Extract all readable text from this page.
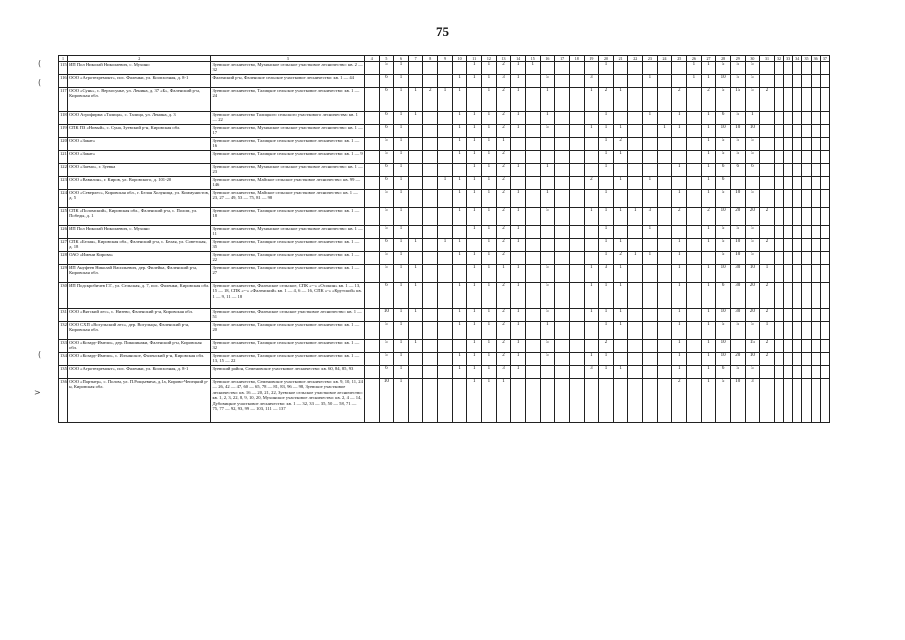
75
(
(
(
>
1	2	3	4	5	6	7	8	9	10	11	12	13	14	15	16	17	18	19	20	21	22	23	24	25	26	27	28	29	30	31	32	33	34	35	36	37
115	ИП Пол Николай Николаевич, с. Мухино	Зуевское лесничество, Мухинское сельское участковое лесничество: кв. 2 — 32		5	1					1	1	2	1	1					1						1	1	5	5	5							
116	ООО «Агротехремонт», пос. Фаленки, ул. Коопхозная, д. 8-1	Фаленский р-н, Фаленское сельское участковое лесничество: кв. 1 — 44		6	1				1	1	1	3	1		5			3				1			1	1	10	5	5							
117	ООО «Сунь», с. Верхосунье, ул. Ленина, д. 37 «Б», Фаленский р-н, Кировская обл.	Зуевское лесничество, Талицкое сельское участковое лесничество: кв. 1 — 24		6	1	1	2	1	1		1	2	1		1			1	2	1				2		2	5	15	5	2						
118	ООО Агрофирма «Талица», с. Талица, ул. Ленина, д. 3	Зуевское лесничество Талицкого сельского участкового лесничества: кв. 1 — 22		6	1	1			1	1	1	2	1		1				1			1		1		1	6	5	1							
119	СПК ПЗ «Новый», с. Суна, Зуевский р-н, Кировская обл.	Зуевское лесничество, Мухинское сельское участковое лесничество: кв. 1 — 17		6	1				1	1	1	2	1		5			1	1	1			1	1		1	10	10	10							
120	ООО «Закат»	Зуевское лесничество, Талицкое сельское участковое лесничество: кв. 1 — 16		5	1				1	1	1	1							1	2						1	5	5	5							
121	ООО «Закат»	Зуевское лесничество, Талицкое сельское участковое лесничество: кв. 1 — 9		5	1				1	1	1	2							1	1						1	5	5	5							
122	ООО «Заемо», г. Зуевка	Зуевское лесничество, Мухинское сельское участковое лесничество: кв. 1 — 23		6	1					1	1	2	1		1				1					1		1	6	6	6							
123	ООО «Вавилон», г. Киров, ул. Воровского, д. 101-20	Зуевское лесничество, Майское сельское участковое лесничество: кв. 99 — 146		6	1			1	1	1	1	2						2		1		1				1	6									
124	ООО «Северлес», Кировская обл., г. Белая Холуница, ул. Коммунистов, д. 5	Зуевское лесничество, Майское сельское участковое лесничество: кв. 1 — 23, 27 — 49, 53 — 75, 81 — 98		5	1				1	1	1	2	1		1				1					1		1	5	10	5							
125	СПК «Поломский», Кировская обл., Фаленский р-н, с. Полом, ул. Победы, д. 1	Зуевское лесничество, Талицкое сельское участковое лесничество: кв. 1 — 18		5	1				1	1	1	2	1		5			1	1	1	1	3		2		2	10	20	20	2						
126	ИП Пол Николай Николаевич, с. Мухино	Зуевское лесничество, Мухинское сельское участковое лесничество: кв. 1 — 11		5	1					1	1	2	1						1			1				1	5	5	5							
127	СПК «Белая», Кировская обл., Фаленский р-н, с. Белая, ул. Советская, д. 18	Зуевское лесничество, Талицкое сельское участковое лесничество: кв. 1 — 35		6	1	1		1	1		1	2	1						1	1				1		1	5	10	5	2						
128	ОАО «Имени Кирова»	Зуевское лесничество, Талицкое сельское участковое лесничество: кв. 1 — 22		5	1				1	1	1	2							1	2	1	1		1			5	10	5							
129	ИП Ануфеев Николай Васильевич, дер. Филейка, Фаленский р-н, Кировская обл.	Зуевское лесничество, Талицкое сельское участковое лесничество: кв. 1 — 27		5	1	1				1	1	1	1		5			1	3	1				1		1	10	30	10	1						
130	ИП Подскробичев Г.Г., ул. Сельская, д. 7, пос. Фаленки, Кировская обл.	Зуевское лесничество, Фаленское сельское, СПК «--» «Осокин» кв. 1 — 13, 15 — 18, СПК «--» «Фаленский» кв. 1 — 4, 6 — 16, СПК «-» «Крутской» кв. 1 — 9, 11 — 18		6	1	1			1	1	1	2	1		5			1	1	1				1		1	6	30	20	2						
131	ООО «Вятский лес», с. Низево, Фаленский р-н, Кировская обл.	Зуевское лесничество, Фаленское сельское участковое лесничество: кв. 1 — 51		10	1	1			1	1	1	2	1		5			1	1	1				1		1	10	30	20	2						
132	ООО СХП «Вогульский лес», дер. Вогульцы, Фаленский р-н, Кировская обл.	Зуевское лесничество, Талицкое сельское участковое лесничество: кв. 1 — 20		5	1				1	1	1	2	1		1				1	1				1		1	5	5	5	1						
133	ООО «Козару-Имели», дер. Пикшинаки, Фаленский р-н, Кировская обл.	Зуевское лесничество, Талицкое сельское участковое лесничество: кв. 1 — 32		5	1	1				1	1	2	1		5				2					1		1	10		15	2						
134	ООО «Козару-Имели», с. Илъинское, Фаленский р-н, Кировская обл.	Зуевское лесничество, Талицкое сельское участковое лесничество: кв. 1 — 13, 15 — 22		5	1				1	1	1	2	1		5			1	1					1		1	10	20	10	2						
135	ООО «Агротехремонт», пос. Фаленки, ул. Коопхозная, д. 8-1	Зуевский район, Семеновское участковое лесничество: кв. 60, 84, 85, 93		6	1				1	1	1	3	1					3	1	1				1		1	6	5	5							
136	ООО «Партнер», с. Полом, ул. П.Рощьевича, д.1а, Кирово-Чепецкий р-н, Кировская обл.	Зуевское лесничество, Семеновское участковое лесничество: кв. 9, 10, 11, 24 — 26, 42 — 47, 60 — 65, 78 — 81, 83, 96 — 98, Зуевское участковое лесничество: кв. 16 — 20, 21, 22, Зуевское сельское участковое лесничество: кв. 1, 2, 3, 22, 8, 9, 10, 20, Мухинское участковое лесничество: кв. 2, 4 — 14, Дубовицкое участковое лесничество: кв. 1 — 32, 33 — 35, 50 — 58, 71 — 75, 77 — 92, 93, 99 — 103, 111 — 137		10	1					1	1	1												2		1	5	10	3							
